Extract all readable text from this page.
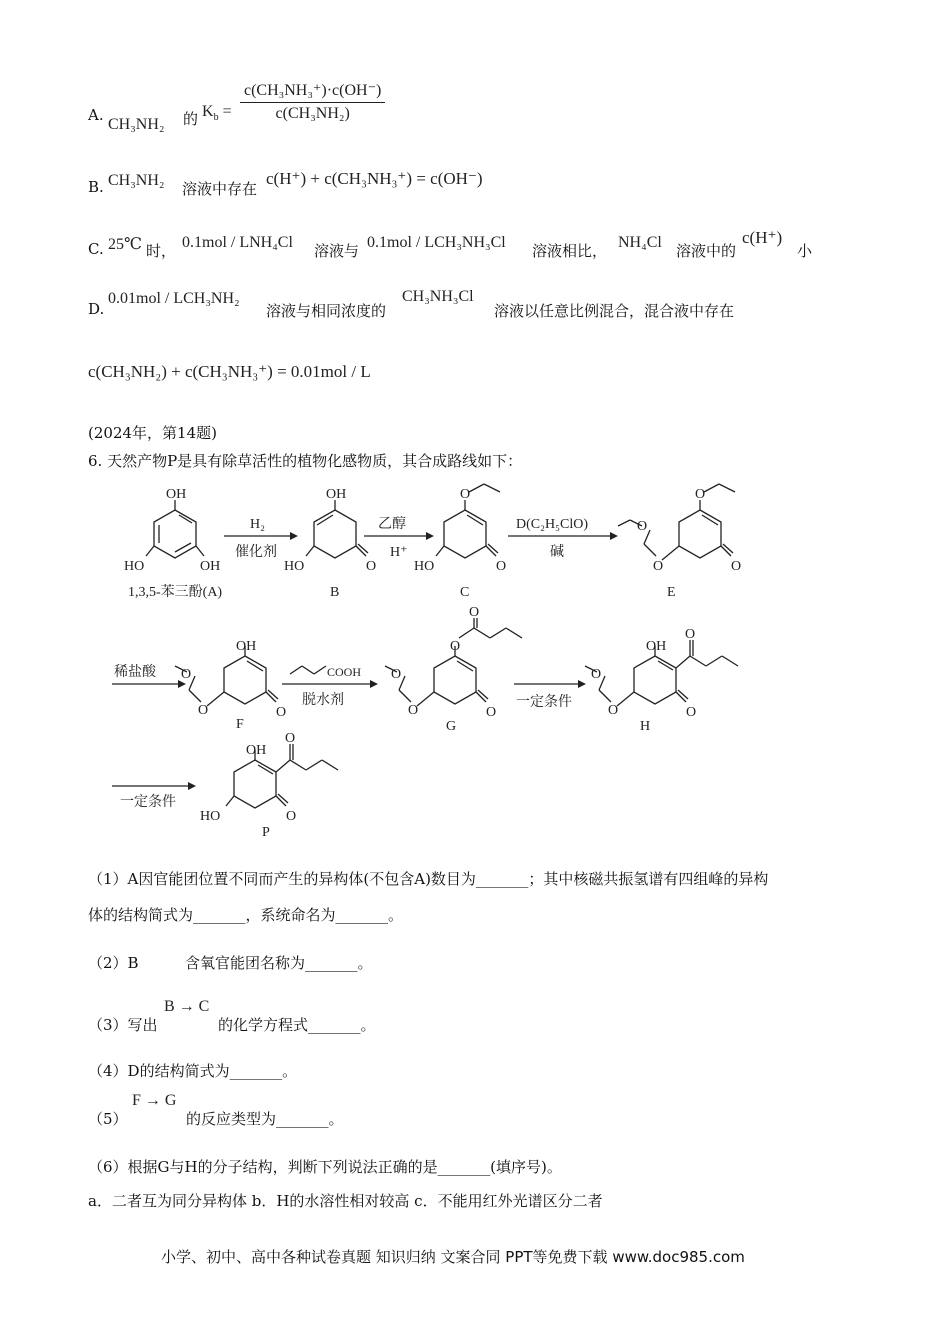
A.
CH₃NH₂ 的 $K_b = \frac{\text{c(CH₃NH₃⁺)·c(OH⁻)}}{\text{c(CH₃NH₂)}}$
B. CH₃NH₂ 溶液中存在
c(H⁺) + c(CH₃NH₃⁺) = c(OH⁻)
C. 25℃ 时， 0.1mol / LNH₄Cl 溶液与 0.1mol / LCH₃NH₃Cl 溶液相比， NH₄Cl 溶液中的
c(H⁺)
小
D.
0.01mol / LCH₃NH₂
溶液与相同浓度的
CH₃NH₃Cl
溶液以任意比例混合，混合液中存在
c(CH₃NH₂) + c(CH₃NH₃⁺) = 0.01mol / L
(2024年，第14题)
6. 天然产物P是具有除草活性的植物化感物质，其合成路线如下：
OH
HO	OH
OH
HO	O
O
HO	O
O
O
O
O
OH
O
O
O
O
O
O
O
O
OH
O
O
O
O
OH
O
O
HO
H₂
催化剂
乙醇
H⁺
D(C₂H₅ClO)
碱
稀盐酸	COOH
脱水剂	一定条件
一定条件
1,3,5-苯三酚(A)	B	C	E
F	G	H
P
（1）A因官能团位置不同而产生的异构体(不包含A)数目为_______；其中核磁共振氢谱有四组峰的异构
体的结构简式为_______，系统命名为_______。
（2）B	含氧官能团名称为_______。
（3）写出
B → C
的化学方程式_______。
（4）D的结构简式为_______。
（5）
F → G
的反应类型为_______。
（6）根据G与H的分子结构，判断下列说法正确的是_______(填序号)。
a．二者互为同分异构体 b．H的水溶性相对较高 c．不能用红外光谱区分二者
小学、初中、高中各种试卷真题 知识归纳 文案合同 PPT等免费下载 www.doc985.com
